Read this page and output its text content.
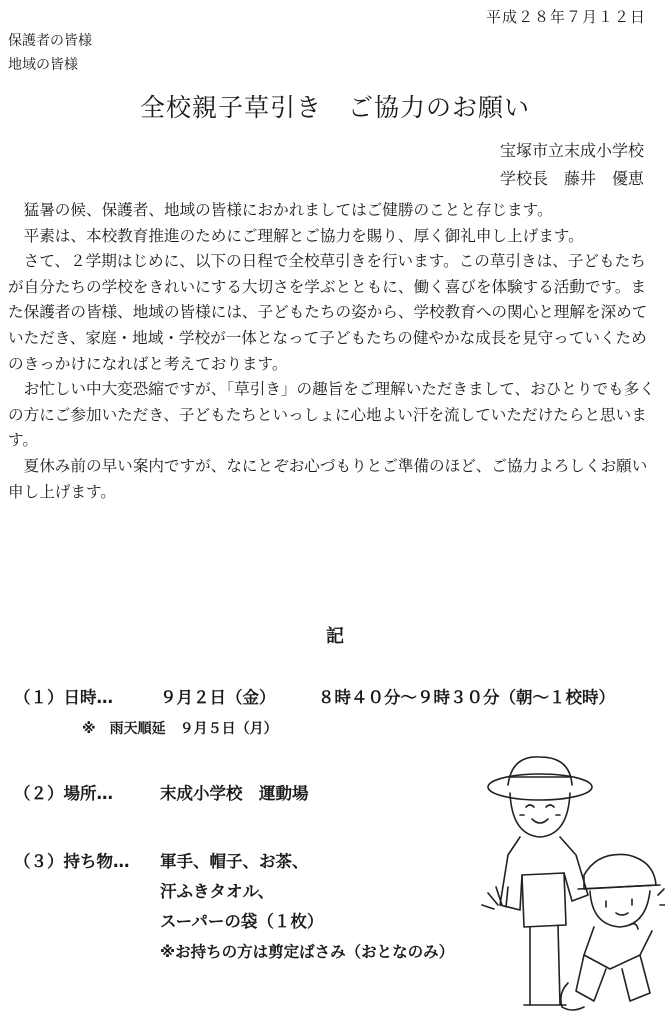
平成２８年７月１２日
保護者の皆様
地域の皆様
全校親子草引き　ご協力のお願い
宝塚市立末成小学校
学校長　藤井　優恵

猛暑の候、保護者、地域の皆様におかれましてはご健勝のことと存じます。

平素は、本校教育推進のためにご理解とご協力を賜り、厚く御礼申し上げます。

さて、２学期はじめに、以下の日程で全校草引きを行います。この草引きは、子どもたちが自分たちの学校をきれいにする大切さを学ぶとともに、働く喜びを体験する活動です。また保護者の皆様、地域の皆様には、子どもたちの姿から、学校教育への関心と理解を深めていただき、家庭・地域・学校が一体となって子どもたちの健やかな成長を見守っていくためのきっかけになればと考えております。

お忙しい中大変恐縮ですが、「草引き」の趣旨をご理解いただきまして、おひとりでも多くの方にご参加いただき、子どもたちといっしょに心地よい汗を流していただけたらと思います。

夏休み前の早い案内ですが、なにとぞお心づもりとご準備のほど、ご協力よろしくお願い申し上げます。

記
（１）日時…	９月２日（金）	８時４０分～９時３０分（朝～１校時）
※　雨天順延　９月５日（月）
（２）場所…	末成小学校　運動場
（３）持ち物… 軍手、帽子、お茶、
汗ふきタオル、
スーパーの袋（１枚）
※お持ちの方は剪定ばさみ（おとなのみ）
